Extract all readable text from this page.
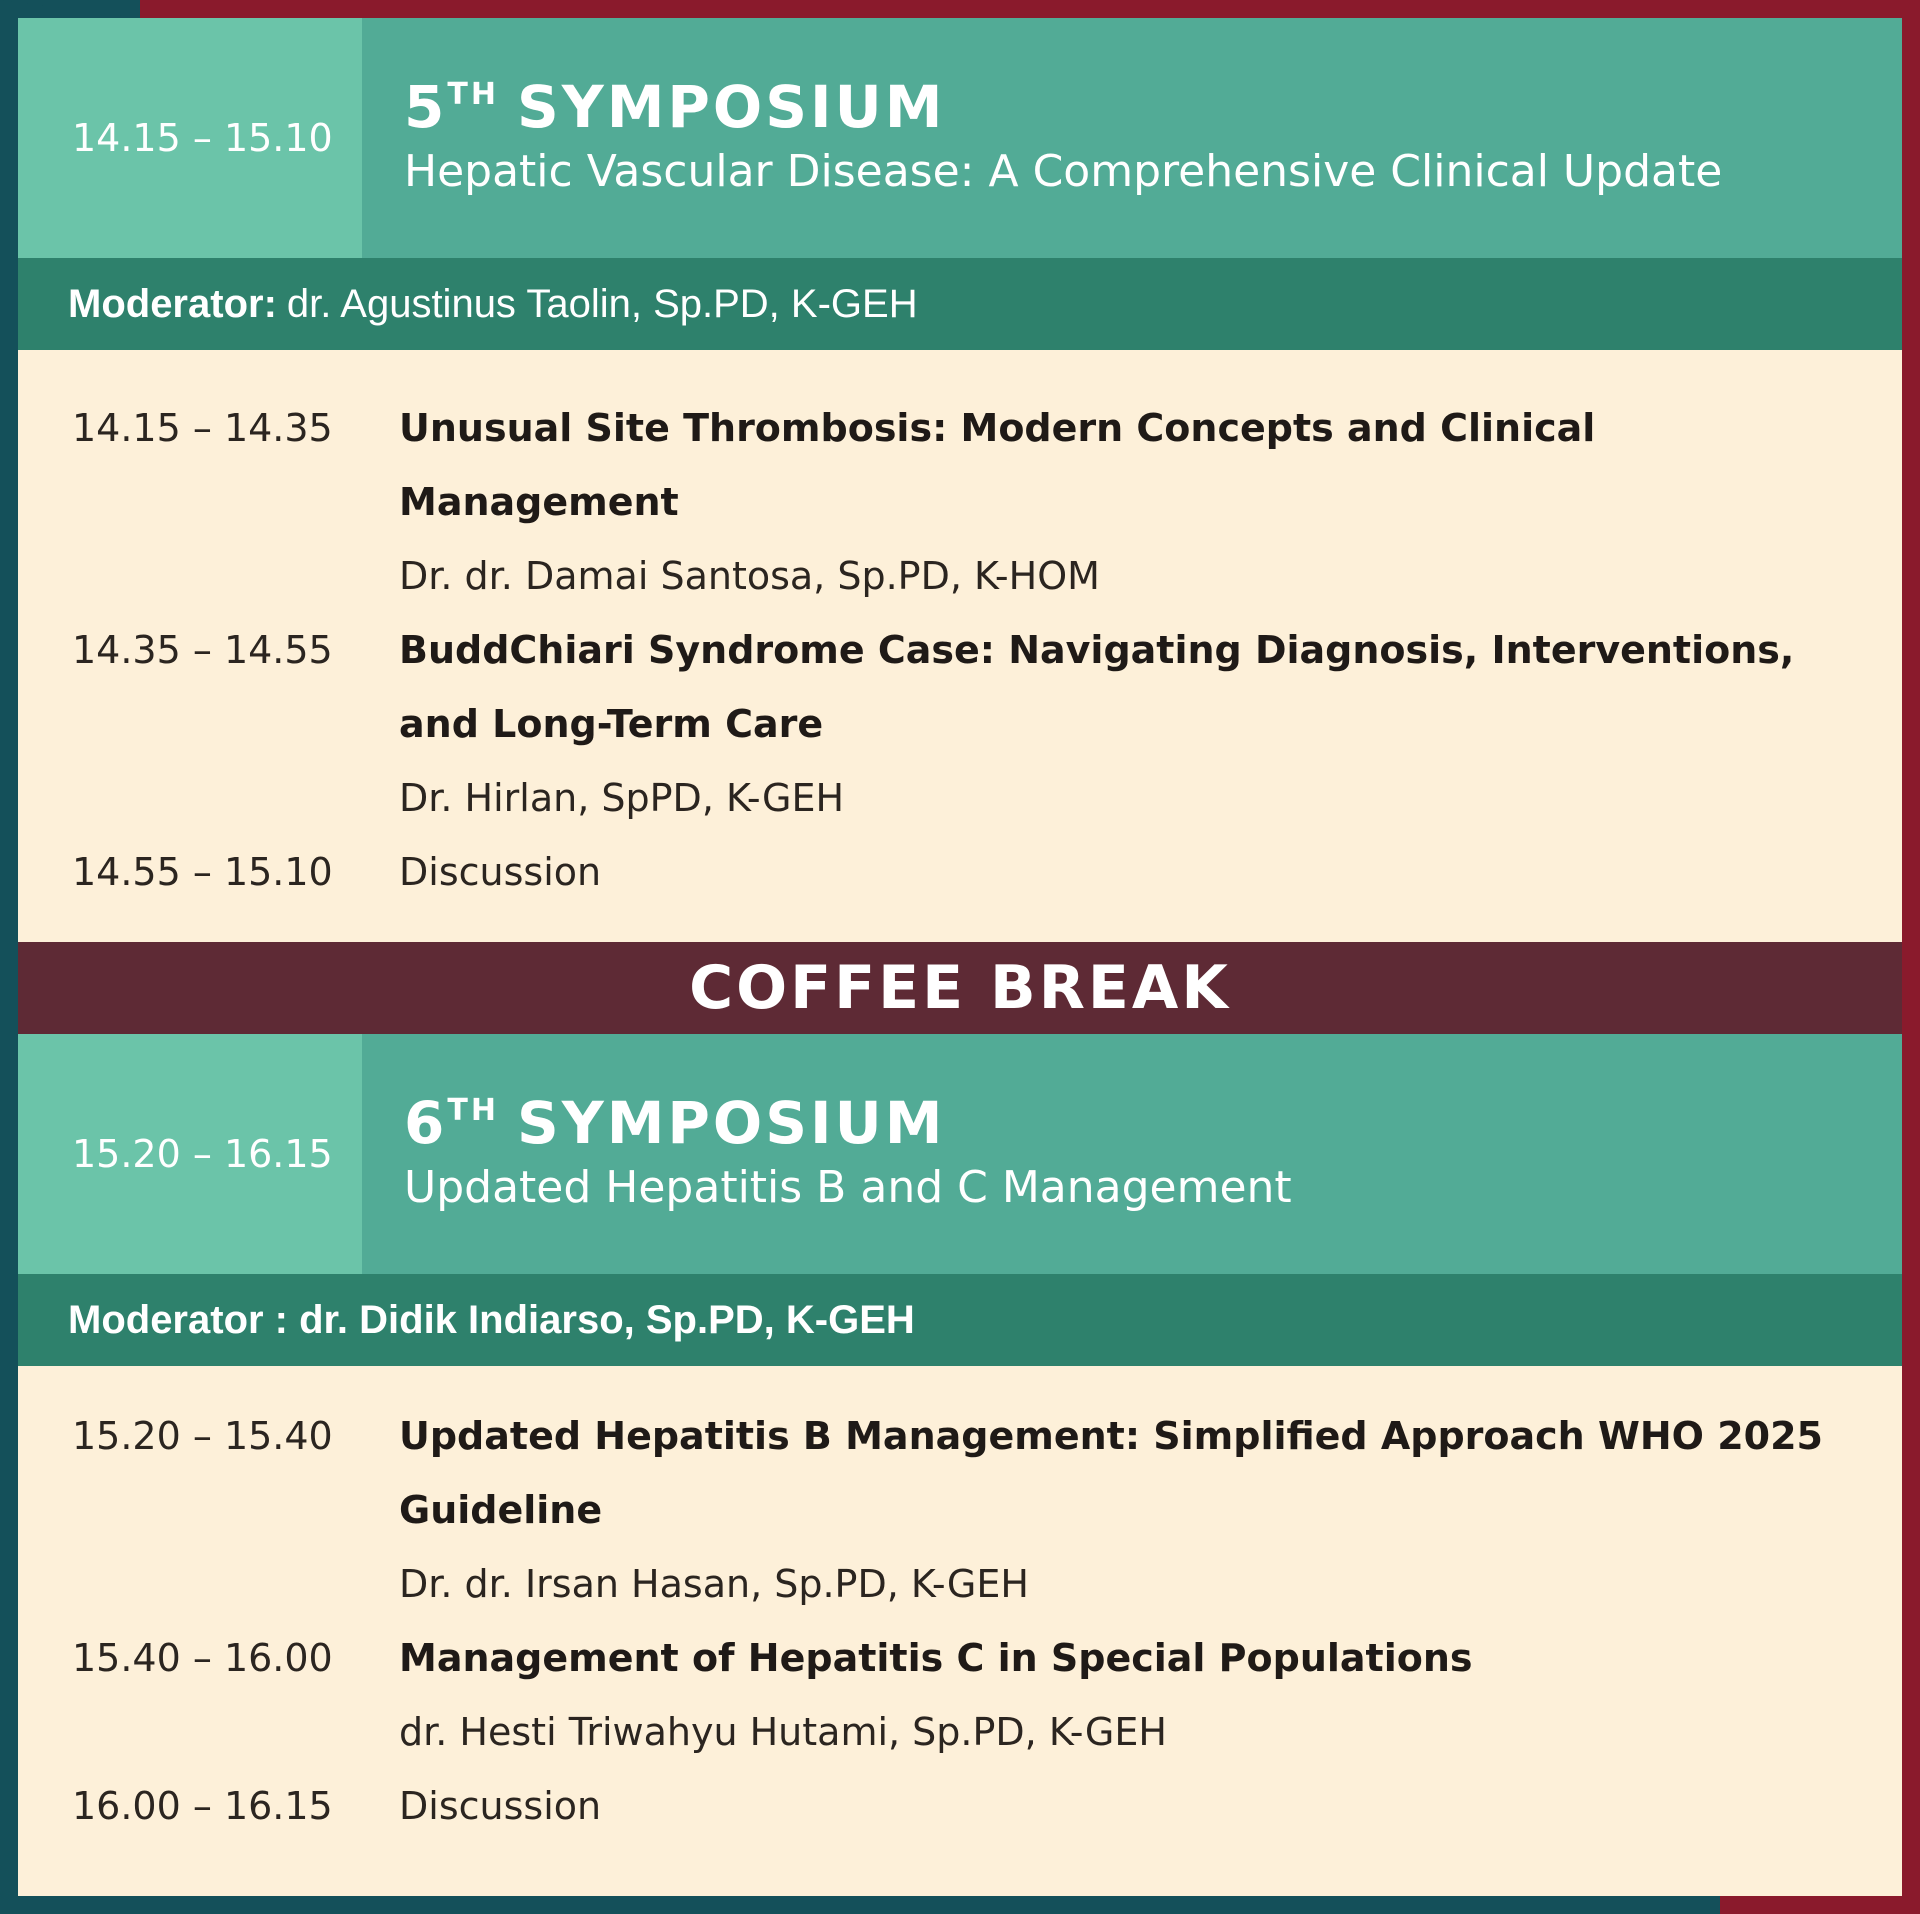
14.15 – 15.10	5TH SYMPOSIUM
Hepatic Vascular Disease: A Comprehensive Clinical Update
Moderator: dr. Agustinus Taolin, Sp.PD, K-GEH
14.15 – 14.35 Unusual Site Thrombosis: Modern Concepts and Clinical Management
Dr. dr. Damai Santosa, Sp.PD, K-HOM
14.35 – 14.55 BuddChiari Syndrome Case: Navigating Diagnosis, Interventions, and Long-Term Care
Dr. Hirlan, SpPD, K-GEH
14.55 – 15.10 Discussion
COFFEE BREAK
15.20 – 16.15	6TH SYMPOSIUM
Updated Hepatitis B and C Management
Moderator : dr. Didik Indiarso, Sp.PD, K-GEH
15.20 – 15.40 Updated Hepatitis B Management: Simplified Approach WHO 2025 Guideline
Dr. dr. Irsan Hasan, Sp.PD, K-GEH
15.40 – 16.00 Management of Hepatitis C in Special Populations
dr. Hesti Triwahyu Hutami, Sp.PD, K-GEH
16.00 – 16.15 Discussion
